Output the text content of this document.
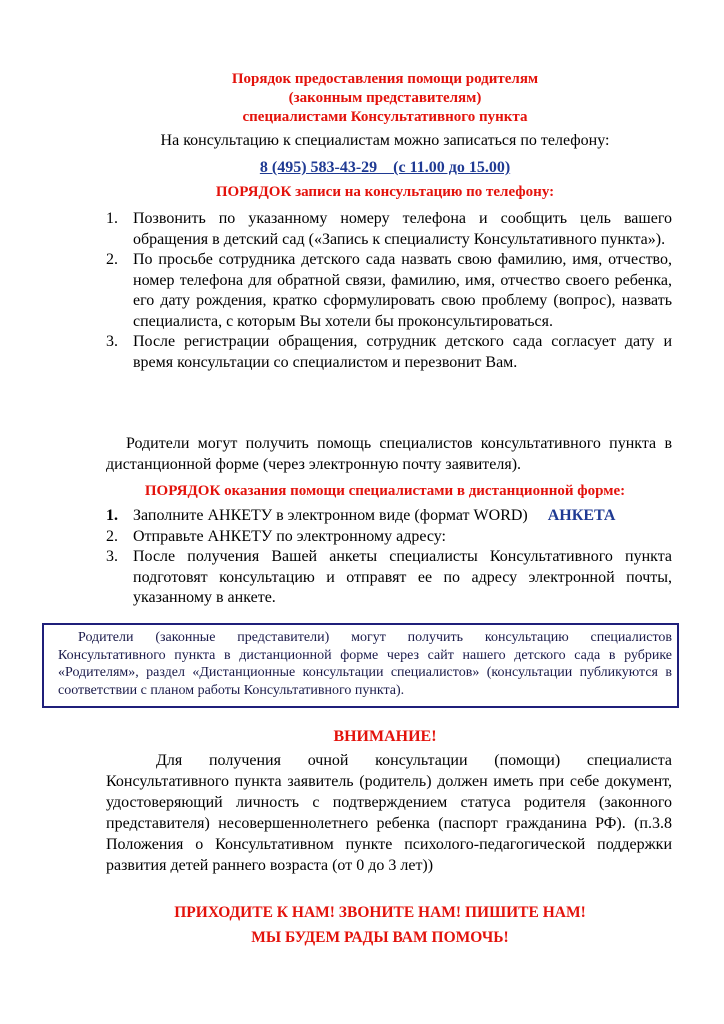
Порядок предоставления помощи родителям
(законным представителям)
специалистами Консультативного пункта
На консультацию к специалистам можно записаться по телефону:
8 (495) 583-43-29    (с 11.00 до 15.00)
ПОРЯДОК записи на консультацию по телефону:
1. Позвонить по указанному номеру телефона и сообщить цель вашего обращения в детский сад («Запись к специалисту Консультативного пункта»).
2. По просьбе сотрудника детского сада назвать свою фамилию, имя, отчество, номер телефона для обратной связи, фамилию, имя, отчество своего ребенка, его дату рождения, кратко сформулировать свою проблему (вопрос), назвать специалиста, с которым Вы хотели бы проконсультироваться.
3. После регистрации обращения, сотрудник детского сада согласует дату и время консультации со специалистом и перезвонит Вам.
Родители могут получить помощь специалистов консультативного пункта в дистанционной форме (через электронную почту заявителя).
ПОРЯДОК оказания помощи специалистами в дистанционной форме:
1. Заполните АНКЕТУ в электронном виде (формат WORD) АНКЕТА
2. Отправьте АНКЕТУ по электронному адресу:
3. После получения Вашей анкеты специалисты Консультативного пункта подготовят консультацию и отправят ее по адресу электронной почты, указанному в анкете.
Родители (законные представители) могут получить консультацию специалистов Консультативного пункта в дистанционной форме через сайт нашего детского сада в рубрике «Родителям», раздел «Дистанционные консультации специалистов» (консультации публикуются в соответствии с планом работы Консультативного пункта).
ВНИМАНИЕ!
Для получения очной консультации (помощи) специалиста Консультативного пункта заявитель (родитель) должен иметь при себе документ, удостоверяющий личность с подтверждением статуса родителя (законного представителя) несовершеннолетнего ребенка (паспорт гражданина РФ). (п.3.8 Положения о Консультативном пункте психолого-педагогической поддержки развития детей раннего возраста (от 0 до 3 лет))
ПРИХОДИТЕ К НАМ! ЗВОНИТЕ НАМ! ПИШИТЕ НАМ!
МЫ БУДЕМ РАДЫ ВАМ ПОМОЧЬ!
